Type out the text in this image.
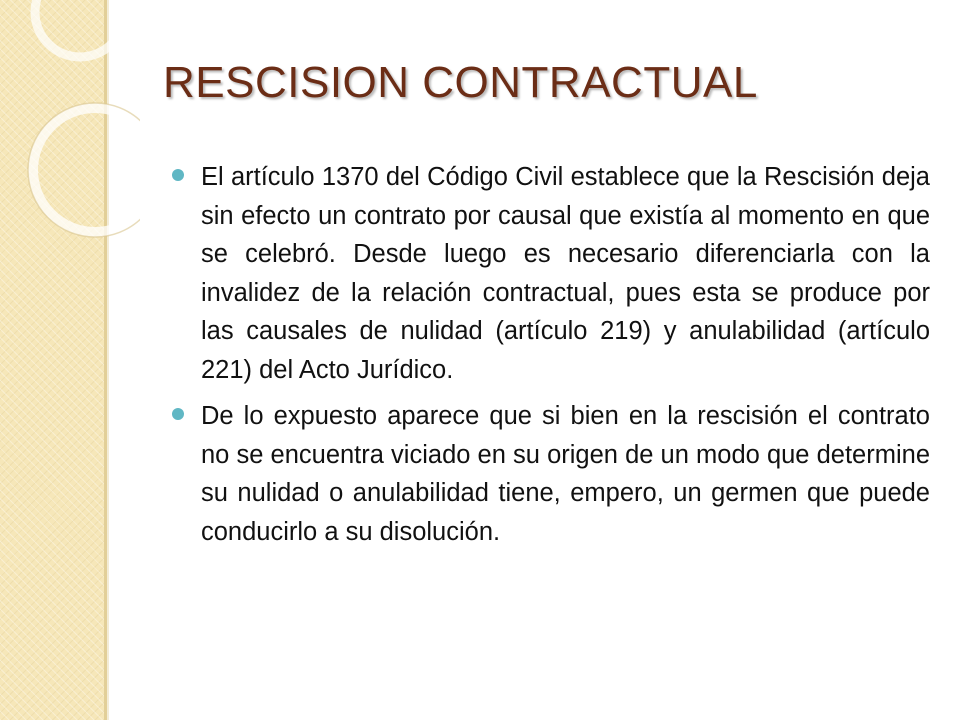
RESCISION CONTRACTUAL

El artículo 1370 del Código Civil establece que la Rescisión deja sin efecto un contrato por causal que existía al momento en que se celebró. Desde luego es necesario diferenciarla con la invalidez de la relación contractual, pues esta se produce por las causales de nulidad (artículo 219) y anulabilidad (artículo 221) del Acto Jurídico.

De lo expuesto aparece que si bien en la rescisión el contrato no se encuentra viciado en su origen de un modo que determine su nulidad o anulabilidad tiene, empero, un germen que puede conducirlo a su disolución.
